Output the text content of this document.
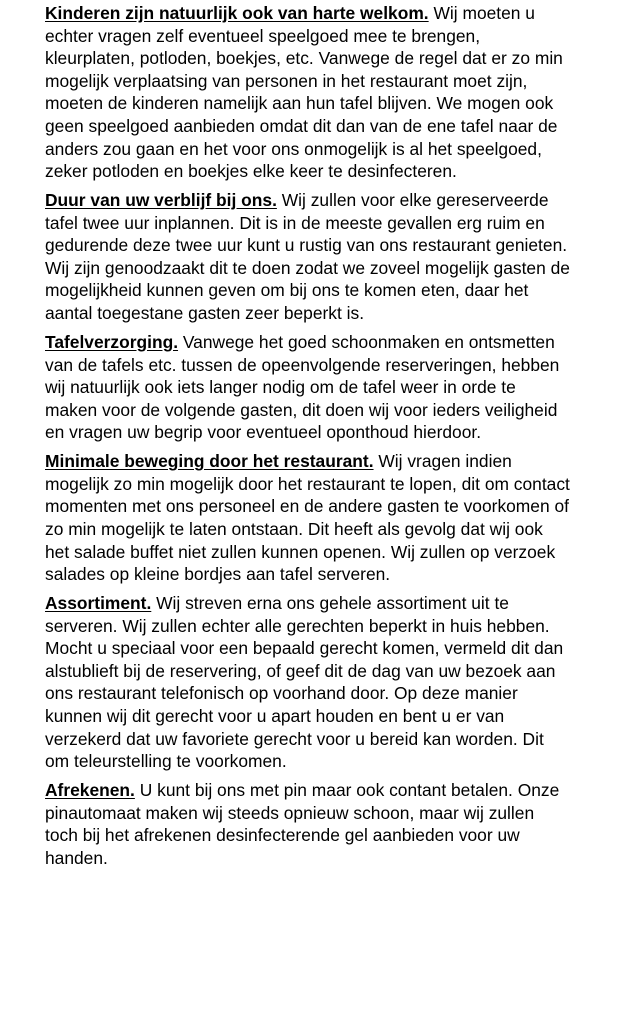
Kinderen zijn natuurlijk ook van harte welkom. Wij moeten u echter vragen zelf eventueel speelgoed mee te brengen, kleurplaten, potloden, boekjes, etc. Vanwege de regel dat er zo min mogelijk verplaatsing van personen in het restaurant moet zijn, moeten de kinderen namelijk aan hun tafel blijven. We mogen ook geen speelgoed aanbieden omdat dit dan van de ene tafel naar de anders zou gaan en het voor ons onmogelijk is al het speelgoed, zeker potloden en boekjes elke keer te desinfecteren.

Duur van uw verblijf bij ons. Wij zullen voor elke gereserveerde tafel twee uur inplannen. Dit is in de meeste gevallen erg ruim en gedurende deze twee uur kunt u rustig van ons restaurant genieten. Wij zijn genoodzaakt dit te doen zodat we zoveel mogelijk gasten de mogelijkheid kunnen geven om bij ons te komen eten, daar het aantal toegestane gasten zeer beperkt is.

Tafelverzorging. Vanwege het goed schoonmaken en ontsmetten van de tafels etc. tussen de opeenvolgende reserveringen, hebben wij natuurlijk ook iets langer nodig om de tafel weer in orde te maken voor de volgende gasten, dit doen wij voor ieders veiligheid en vragen uw begrip voor eventueel oponthoud hierdoor.

Minimale beweging door het restaurant. Wij vragen indien mogelijk zo min mogelijk door het restaurant te lopen, dit om contact momenten met ons personeel en de andere gasten te voorkomen of zo min mogelijk te laten ontstaan. Dit heeft als gevolg dat wij ook het salade buffet niet zullen kunnen openen. Wij zullen op verzoek salades op kleine bordjes aan tafel serveren.

Assortiment. Wij streven erna ons gehele assortiment uit te serveren. Wij zullen echter alle gerechten beperkt in huis hebben. Mocht u speciaal voor een bepaald gerecht komen, vermeld dit dan alstublieft bij de reservering, of geef dit de dag van uw bezoek aan ons restaurant telefonisch op voorhand door. Op deze manier kunnen wij dit gerecht voor u apart houden en bent u er van verzekerd dat uw favoriete gerecht voor u bereid kan worden. Dit om teleurstelling te voorkomen.

Afrekenen. U kunt bij ons met pin maar ook contant betalen. Onze pinautomaat maken wij steeds opnieuw schoon, maar wij zullen toch bij het afrekenen desinfecterende gel aanbieden voor uw handen.
